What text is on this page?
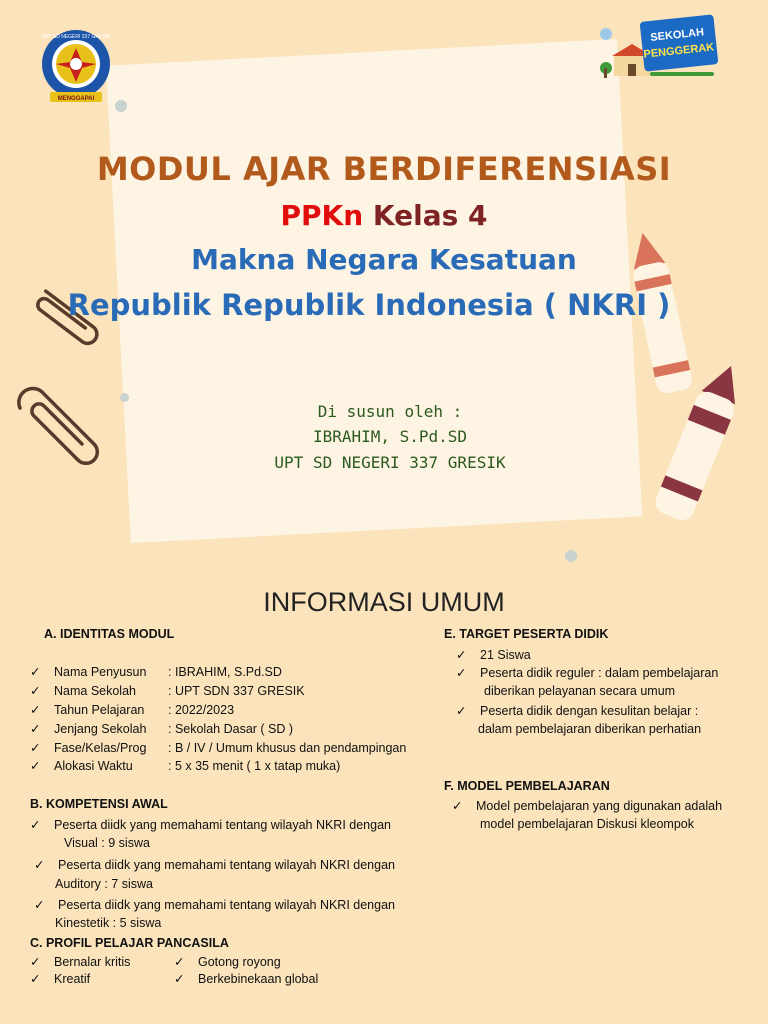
UPT SD NEGERI 337 GRESIK
MENGGAPAI
SEKOLAH
PENGGERAK
MODUL AJAR BERDIFERENSIASI
PPKn Kelas 4
Makna Negara Kesatuan
Republik Republik Indonesia ( NKRI )
Di susun oleh :
IBRAHIM, S.Pd.SD
UPT SD NEGERI 337 GRESIK
INFORMASI UMUM
A. IDENTITAS MODUL
✓ Nama Penyusun : IBRAHIM, S.Pd.SD
✓ Nama Sekolah	: UPT SDN 337 GRESIK
✓ Tahun Pelajaran : 2022/2023
✓ Jenjang Sekolah : Sekolah Dasar ( SD )
✓ Fase/Kelas/Prog : B / IV / Umum khusus dan pendampingan
✓ Alokasi Waktu	: 5 x 35 menit ( 1 x tatap muka)
B. KOMPETENSI AWAL
✓ Peserta diidk yang memahami tentang wilayah NKRI dengan
Visual : 9 siswa
✓ Peserta diidk yang memahami tentang wilayah NKRI dengan
Auditory : 7 siswa
✓ Peserta diidk yang memahami tentang wilayah NKRI dengan
Kinestetik : 5 siswa
C. PROFIL PELAJAR PANCASILA
✓ Bernalar kritis
✓ Kreatif
✓ Gotong royong
✓ Berkebinekaan global
E. TARGET PESERTA DIDIK
✓ 21 Siswa
✓ Peserta didik reguler : dalam pembelajaran
diberikan pelayanan secara umum
✓ Peserta didik dengan kesulitan belajar :
dalam pembelajaran diberikan perhatian
F. MODEL PEMBELAJARAN
✓ Model pembelajaran yang digunakan adalah
model pembelajaran Diskusi kleompok
